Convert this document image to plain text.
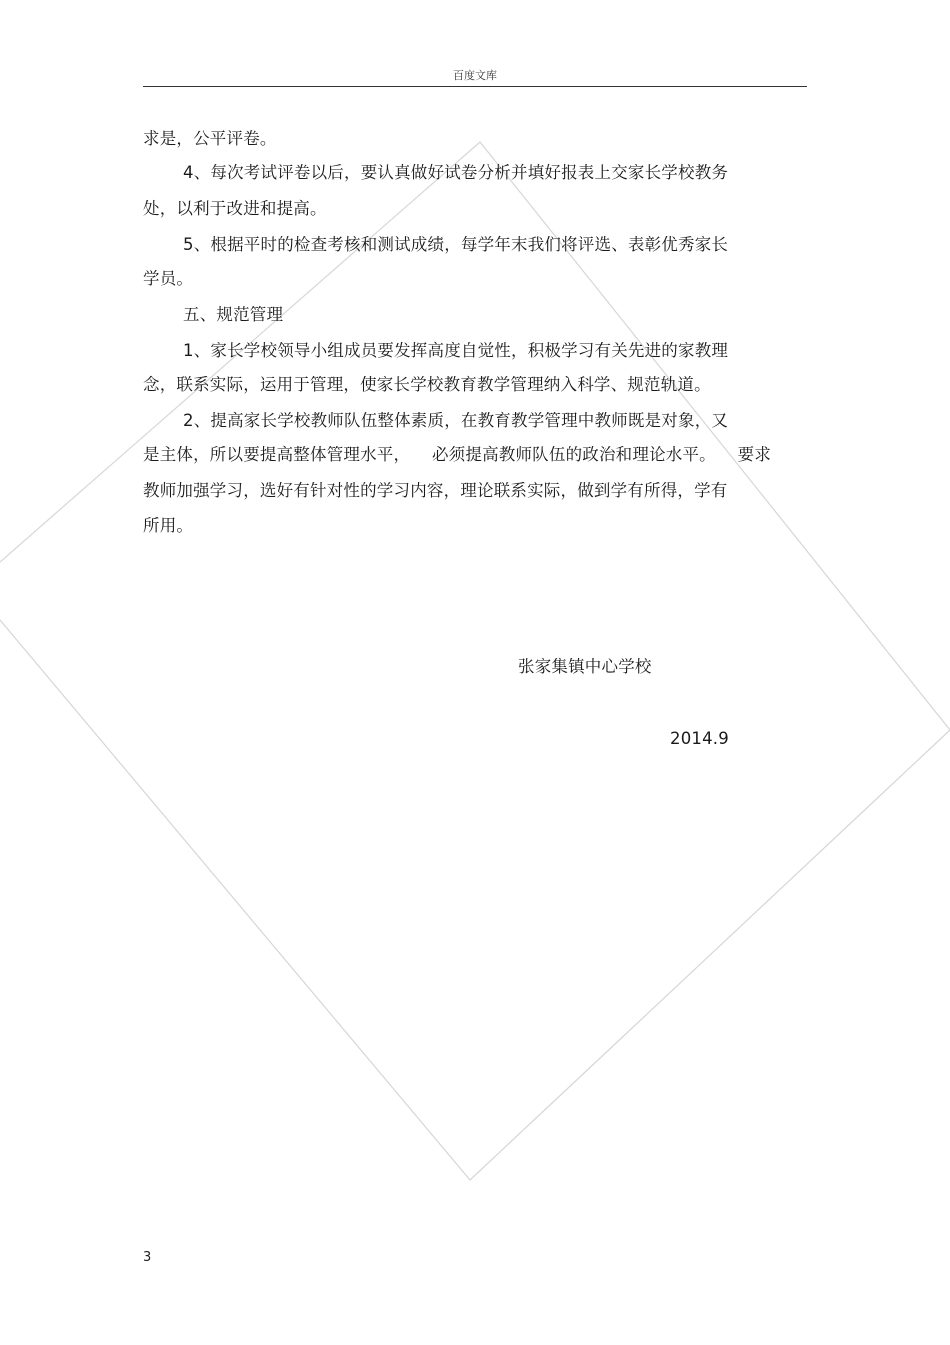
百度文库
求是，公平评卷。
4、每次考试评卷以后，要认真做好试卷分析并填好报表上交家长学校教务
处，以利于改进和提高。
5、根据平时的检查考核和测试成绩，每学年末我们将评选、表彰优秀家长
学员。
五、规范管理
1、家长学校领导小组成员要发挥高度自觉性，积极学习有关先进的家教理
念，联系实际，运用于管理，使家长学校教育教学管理纳入科学、规范轨道。
2、提高家长学校教师队伍整体素质，在教育教学管理中教师既是对象，又
是主体，所以要提高整体管理水平，    必须提高教师队伍的政治和理论水平。    要求
教师加强学习，选好有针对性的学习内容，理论联系实际，做到学有所得，学有
所用。
张家集镇中心学校
2014.9
3
